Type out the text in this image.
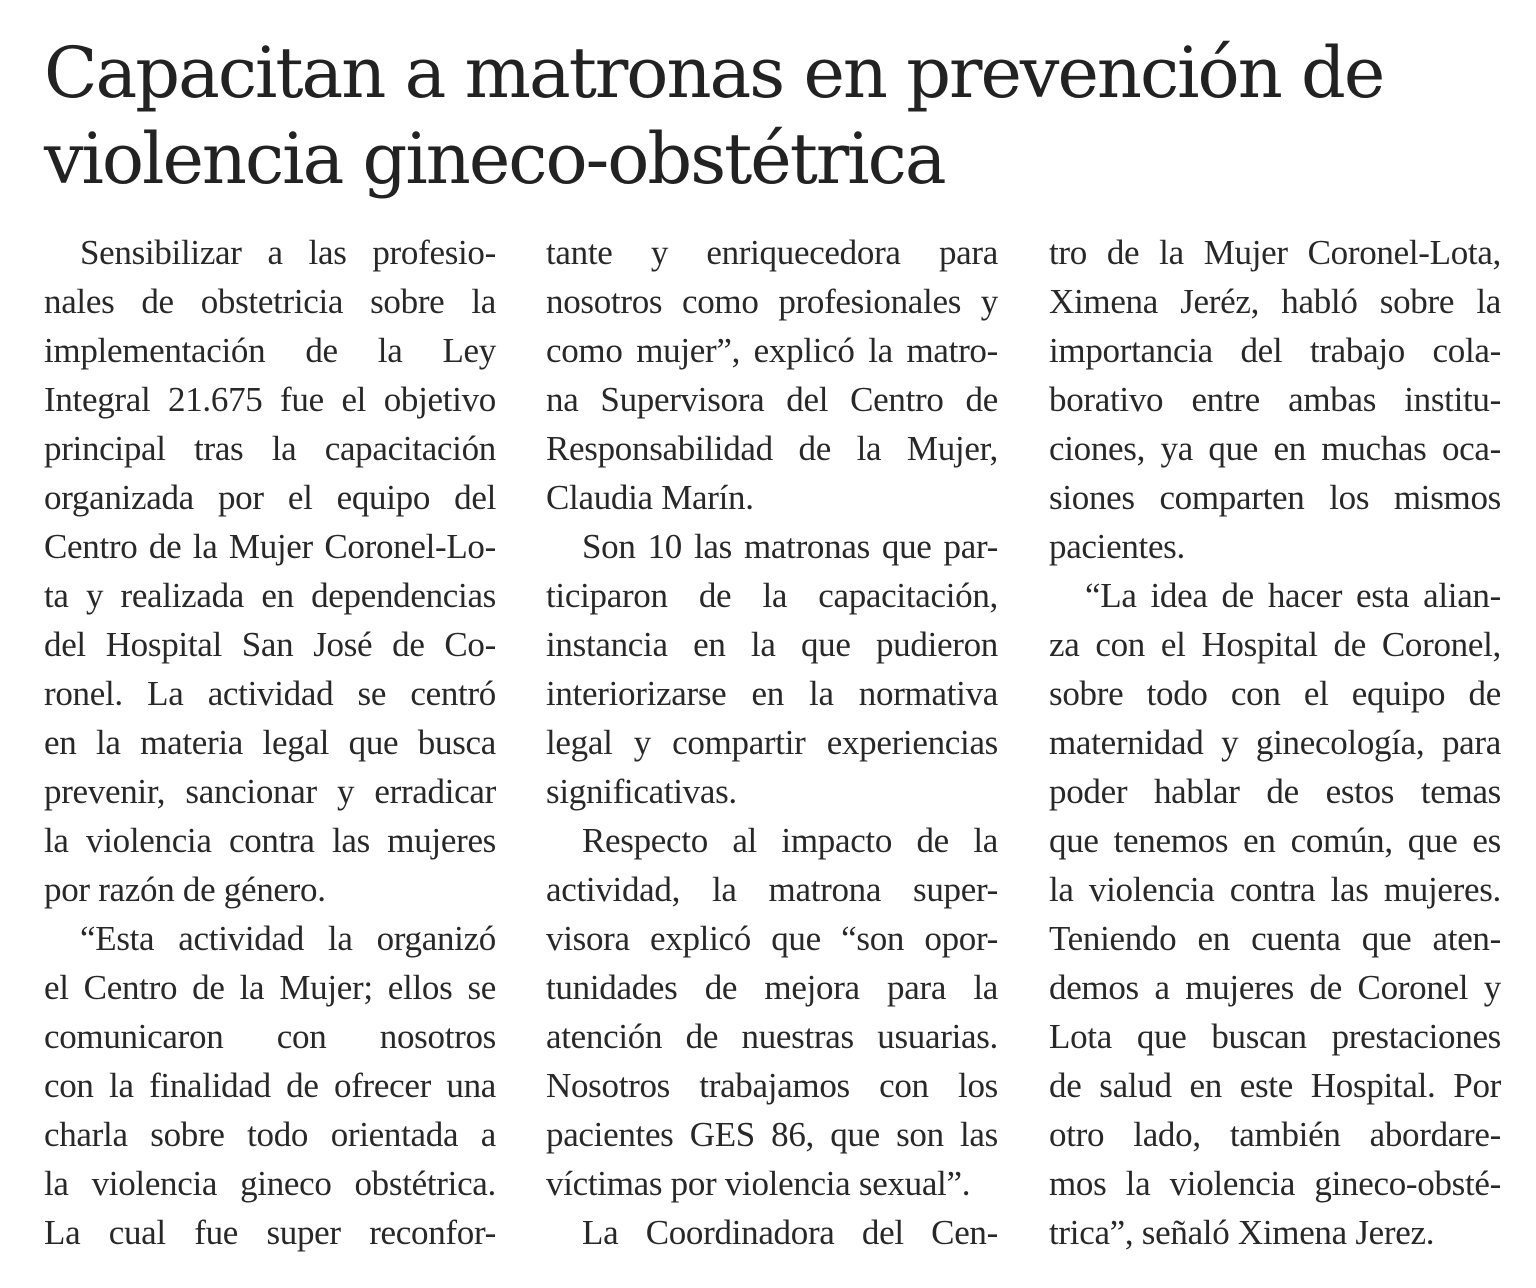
Capacitan a matronas en prevención de
violencia gineco-obstétrica
Sensibilizar a las profesio-
nales de obstetricia sobre la
implementación de la Ley
Integral 21.675 fue el objetivo
principal tras la capacitación
organizada por el equipo del
Centro de la Mujer Coronel-Lo-
ta y realizada en dependencias
del Hospital San José de Co-
ronel. La actividad se centró
en la materia legal que busca
prevenir, sancionar y erradicar
la violencia contra las mujeres
por razón de género.
“Esta actividad la organizó
el Centro de la Mujer; ellos se
comunicaron con nosotros
con la finalidad de ofrecer una
charla sobre todo orientada a
la violencia gineco obstétrica.
La cual fue super reconfor-
tante y enriquecedora para
nosotros como profesionales y
como mujer”, explicó la matro-
na Supervisora del Centro de
Responsabilidad de la Mujer,
Claudia Marín.
Son 10 las matronas que par-
ticiparon de la capacitación,
instancia en la que pudieron
interiorizarse en la normativa
legal y compartir experiencias
significativas.
Respecto al impacto de la
actividad, la matrona super-
visora explicó que “son opor-
tunidades de mejora para la
atención de nuestras usuarias.
Nosotros trabajamos con los
pacientes GES 86, que son las
víctimas por violencia sexual”.
La Coordinadora del Cen-
tro de la Mujer Coronel-Lota,
Ximena Jeréz, habló sobre la
importancia del trabajo cola-
borativo entre ambas institu-
ciones, ya que en muchas oca-
siones comparten los mismos
pacientes.
“La idea de hacer esta alian-
za con el Hospital de Coronel,
sobre todo con el equipo de
maternidad y ginecología, para
poder hablar de estos temas
que tenemos en común, que es
la violencia contra las mujeres.
Teniendo en cuenta que aten-
demos a mujeres de Coronel y
Lota que buscan prestaciones
de salud en este Hospital. Por
otro lado, también abordare-
mos la violencia gineco-obsté-
trica”, señaló Ximena Jerez.
